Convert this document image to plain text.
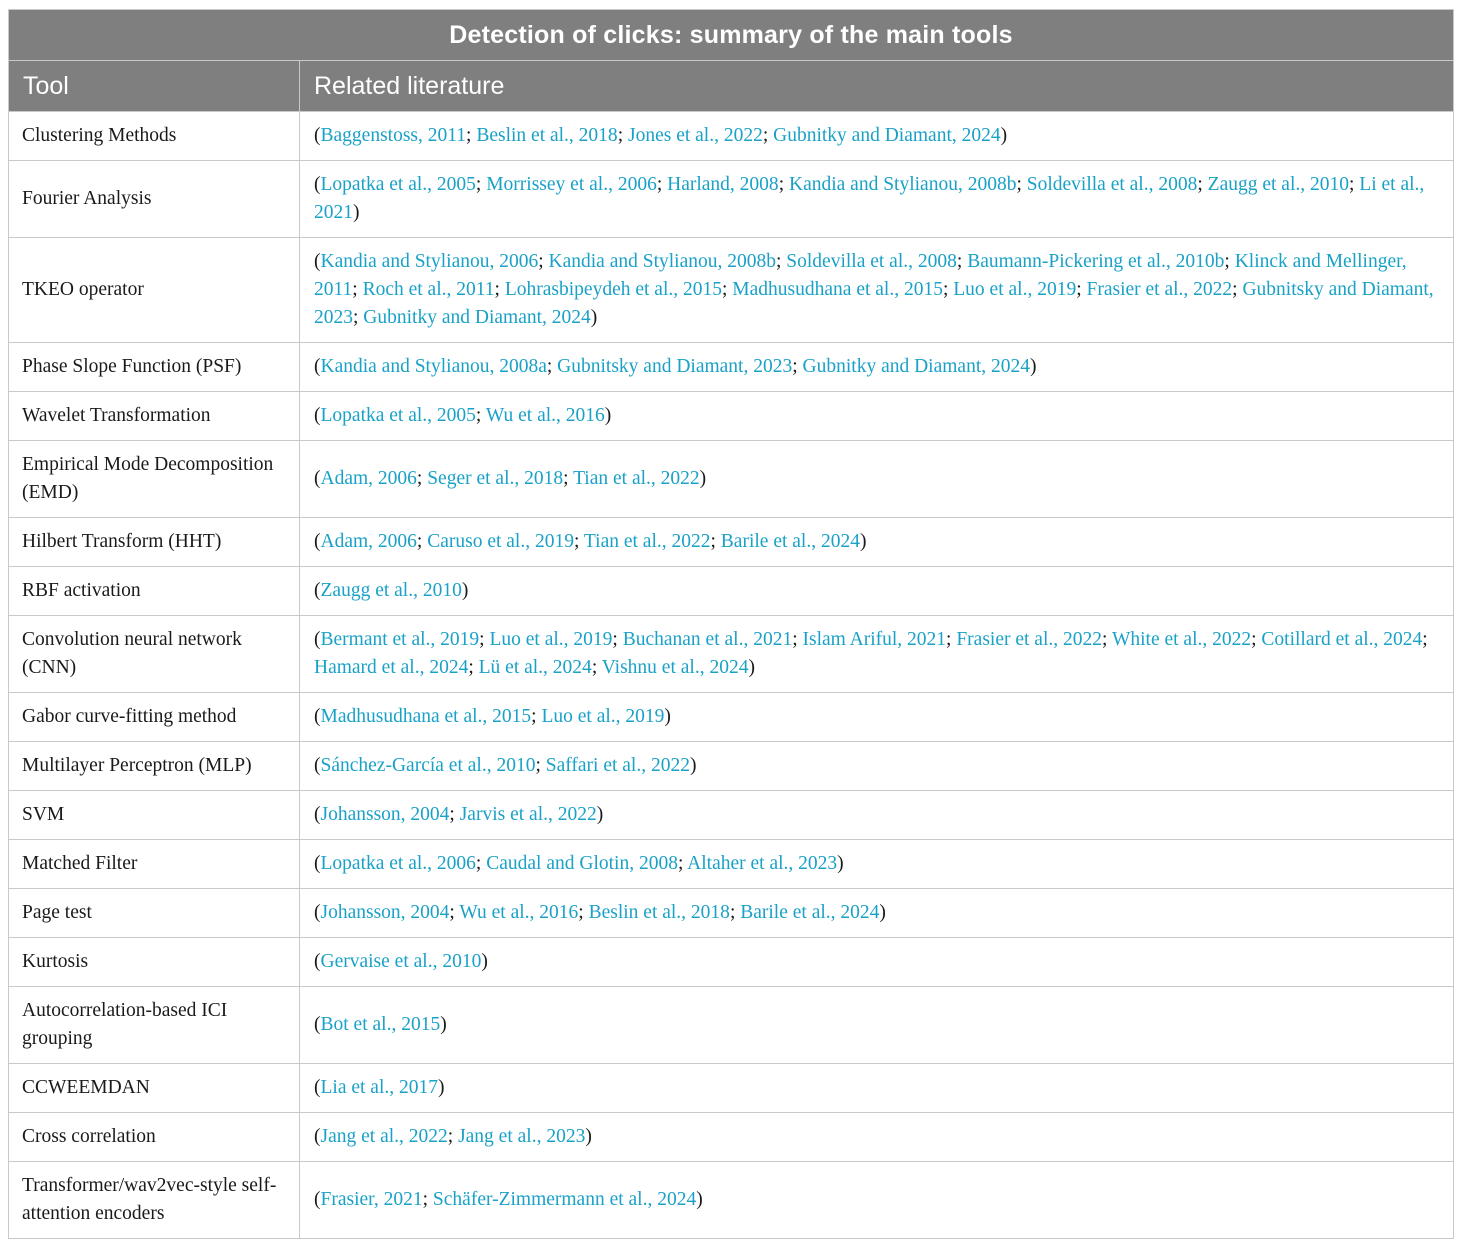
Detection of clicks: summary of the main tools	
Tool	Related literature
Clustering Methods	(Baggenstoss, 2011; Beslin et al., 2018; Jones et al., 2022; Gubnitky and Diamant, 2024)
Fourier Analysis	(Lopatka et al., 2005; Morrissey et al., 2006; Harland, 2008; Kandia and Stylianou, 2008b; Soldevilla et al., 2008; Zaugg et al., 2010; Li et al., 2021)
TKEO operator	(Kandia and Stylianou, 2006; Kandia and Stylianou, 2008b; Soldevilla et al., 2008; Baumann-Pickering et al., 2010b; Klinck and Mellinger, 2011; Roch et al., 2011; Lohrasbipeydeh et al., 2015; Madhusudhana et al., 2015; Luo et al., 2019; Frasier et al., 2022; Gubnitsky and Diamant, 2023; Gubnitky and Diamant, 2024)
Phase Slope Function (PSF)	(Kandia and Stylianou, 2008a; Gubnitsky and Diamant, 2023; Gubnitky and Diamant, 2024)
Wavelet Transformation	(Lopatka et al., 2005; Wu et al., 2016)
Empirical Mode Decomposition (EMD)	(Adam, 2006; Seger et al., 2018; Tian et al., 2022)
Hilbert Transform (HHT)	(Adam, 2006; Caruso et al., 2019; Tian et al., 2022; Barile et al., 2024)
RBF activation	(Zaugg et al., 2010)
Convolution neural network (CNN)	(Bermant et al., 2019; Luo et al., 2019; Buchanan et al., 2021; Islam Ariful, 2021; Frasier et al., 2022; White et al., 2022; Cotillard et al., 2024; Hamard et al., 2024; Lü et al., 2024; Vishnu et al., 2024)
Gabor curve-fitting method	(Madhusudhana et al., 2015; Luo et al., 2019)
Multilayer Perceptron (MLP)	(Sánchez-García et al., 2010; Saffari et al., 2022)
SVM	(Johansson, 2004; Jarvis et al., 2022)
Matched Filter	(Lopatka et al., 2006; Caudal and Glotin, 2008; Altaher et al., 2023)
Page test	(Johansson, 2004; Wu et al., 2016; Beslin et al., 2018; Barile et al., 2024)
Kurtosis	(Gervaise et al., 2010)
Autocorrelation-based ICI grouping	(Bot et al., 2015)
CCWEEMDAN	(Lia et al., 2017)
Cross correlation	(Jang et al., 2022; Jang et al., 2023)
Transformer/wav2vec-style self-attention encoders	(Frasier, 2021; Schäfer-Zimmermann et al., 2024)
